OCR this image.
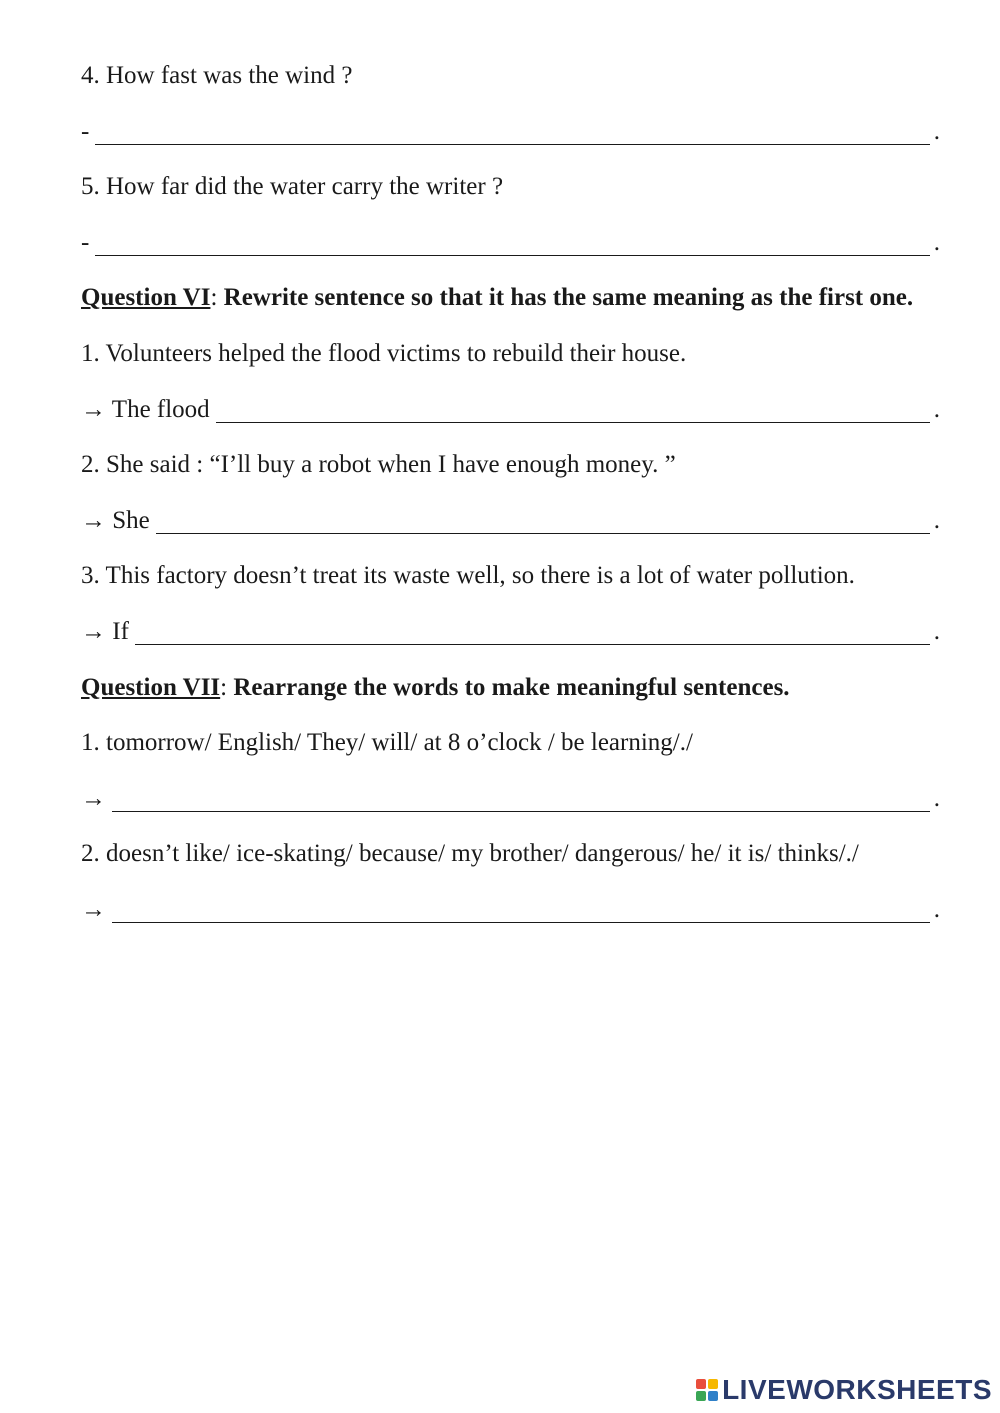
4. How fast was the wind ?
-	.
5. How far did the water carry the writer ?
-	.
Question VI: Rewrite sentence so that it has the same meaning as the first one.
1. Volunteers helped the flood victims to rebuild their house.
→ The flood	.
2. She said : “I’ll buy a robot when I have enough money. ”
→ She	.
3. This factory doesn’t treat its waste well, so there is a lot of water pollution.
→ If	.
Question VII: Rearrange the words to make meaningful sentences.
1. tomorrow/ English/ They/ will/ at 8 o’clock / be learning/./
→	.
2. doesn’t like/ ice-skating/ because/ my brother/ dangerous/ he/ it is/ thinks/./
→	.
LIVEWORKSHEETS
